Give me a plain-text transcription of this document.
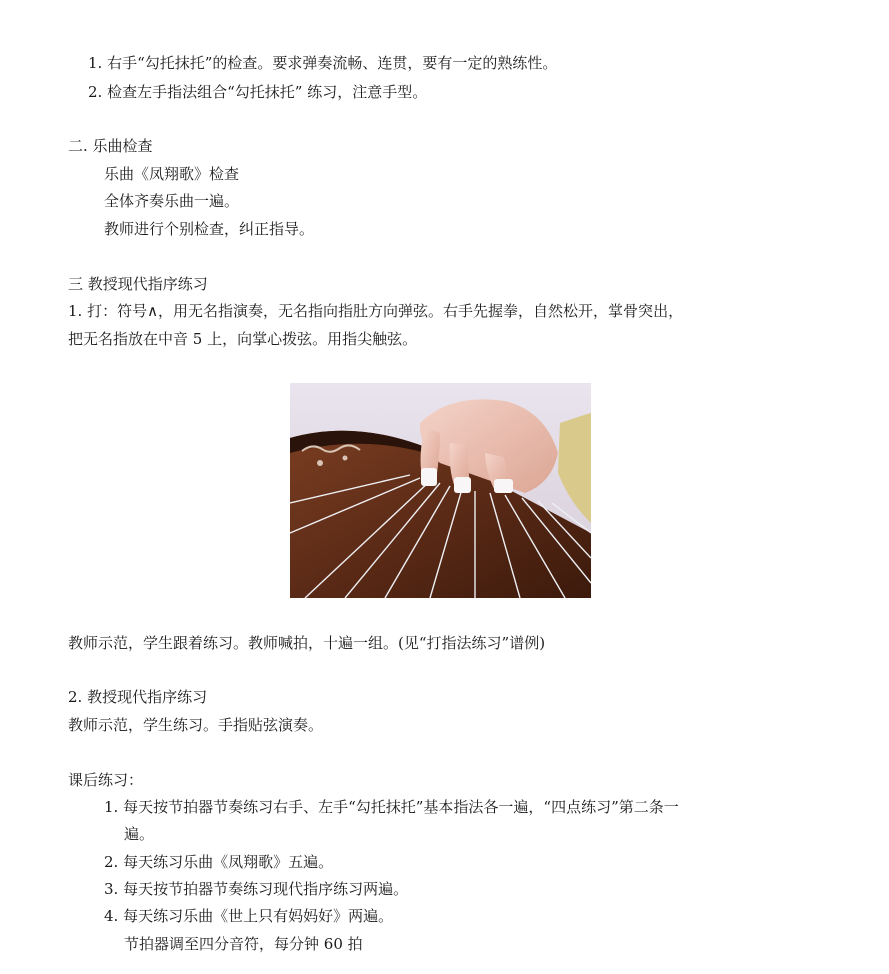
1. 右手“勾托抹托”的检查。要求弹奏流畅、连贯，要有一定的熟练性。
2. 检查左手指法组合“勾托抹托” 练习，注意手型。
二. 乐曲检查
乐曲《凤翔歌》检查
全体齐奏乐曲一遍。
教师进行个别检查，纠正指导。
三 教授现代指序练习
1. 打：符号∧，用无名指演奏，无名指向指肚方向弹弦。右手先握拳，自然松开，掌骨突出，
把无名指放在中音 5 上，向掌心拨弦。用指尖触弦。
教师示范，学生跟着练习。教师喊拍，十遍一组。(见“打指法练习”谱例)
2. 教授现代指序练习
教师示范，学生练习。手指贴弦演奏。
课后练习：
1. 每天按节拍器节奏练习右手、左手“勾托抹托”基本指法各一遍，“四点练习”第二条一
遍。
2. 每天练习乐曲《凤翔歌》五遍。
3. 每天按节拍器节奏练习现代指序练习两遍。
4. 每天练习乐曲《世上只有妈妈好》两遍。
节拍器调至四分音符，每分钟 60 拍
